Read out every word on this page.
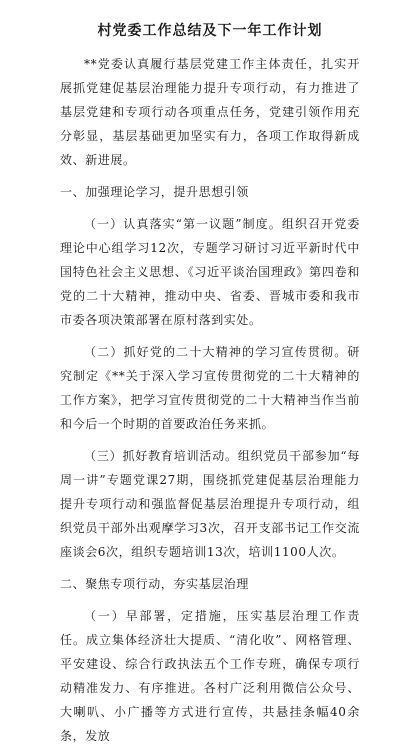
村党委工作总结及下一年工作计划

**党委认真履行基层党建工作主体责任，扎实开展抓党建促基层治理能力提升专项行动，有力推进了基层党建和专项行动各项重点任务，党建引领作用充分彰显，基层基础更加坚实有力，各项工作取得新成效、新进展。

一、加强理论学习，提升思想引领

（一）认真落实“第一议题”制度。组织召开党委理论中心组学习12次，专题学习研讨习近平新时代中国特色社会主义思想、《习近平谈治国理政》第四卷和党的二十大精神，推动中央、省委、晋城市委和我市市委各项决策部署在原村落到实处。

（二）抓好党的二十大精神的学习宣传贯彻。研究制定《**关于深入学习宣传贯彻党的二十大精神的工作方案》，把学习宣传贯彻党的二十大精神当作当前和今后一个时期的首要政治任务来抓。

（三）抓好教育培训活动。组织党员干部参加“每周一讲”专题党课27期，围绕抓党建促基层治理能力提升专项行动和强监督促基层治理提升专项行动，组织党员干部外出观摩学习3次，召开支部书记工作交流座谈会6次，组织专题培训13次，培训1100人次。

二、聚焦专项行动，夯实基层治理

（一）早部署，定措施，压实基层治理工作责任。成立集体经济壮大提质、“清化收”、网格管理、平安建设、综合行政执法五个工作专班，确保专项行动精准发力、有序推进。各村广泛利用微信公众号、大喇叭、小广播等方式进行宣传，共悬挂条幅40余条，发放
